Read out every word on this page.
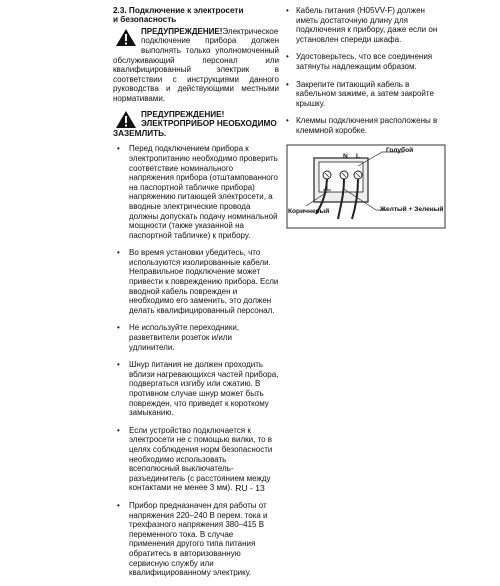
2.3. Подключение к электросети
и безопасность
ПРЕДУПРЕЖДЕНИЕ!Электрическое подключение прибора должен выполнять только уполномоченный обслуживающий персонал или квалифицированный электрик в соответствии с инструкциями данного руководства и действующими местными нормативами.
ПРЕДУПРЕЖДЕНИЕ!
ЭЛЕКТРОПРИБОР НЕОБХОДИМО ЗАЗЕМЛИТЬ.
• Перед подключением прибора к электропитанию необходимо проверить соответствие номинального напряжения прибора (отштампованного на паспортной табличке прибора) напряжению питающей электросети, а вводные электрические провода должны допускать подачу номинальной мощности (также указанной на паспортной табличке) к прибору.
• Во время установки убедитесь, что используются изолированные кабели. Неправильное подключение может привести к повреждению прибора. Если вводной кабель поврежден и необходимо его заменить, это должен делать квалифицированный персонал.
• Не используйте переходники, разветвители розеток и/или удлинители.
• Шнур питания не должен проходить вблизи нагревающихся частей прибора, подвергаться изгибу или сжатию. В противном случае шнур может быть поврежден, что приведет к короткому замыканию.
• Если устройство подключается к электросети не с помощью вилки, то в целях соблюдения норм безопасности необходимо использовать всеполюсный выключатель-разъединитель (с расстоянием между контактами не менее 3 мм).
• Прибор предназначен для работы от напряжения 220–240 В перем. тока и трехфазного напряжения 380–415 В переменного тока. В случае применения другого типа питания обратитесь в авторизованную сервисную службу или квалифицированному электрику.
• Кабель питания (H05VV-F) должен иметь достаточную длину для подключения к прибору, даже если он установлен спереди шкафа.
• Удостоверьтесь, что все соединения затянуты надлежащим образом.
• Закрепите питающий кабель в кабельном зажиме, а затем закройте крышку.
• Клеммы подключения расположены в клеммной коробке.
N L
Голубой
Коричневый	Желтый + Зеленый
RU - 13
